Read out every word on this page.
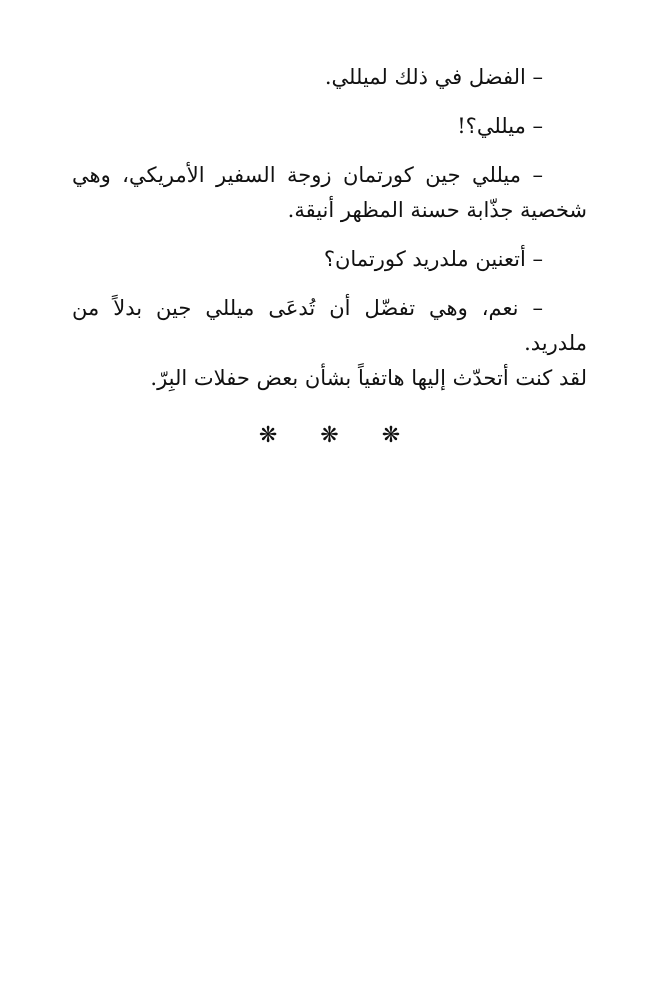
– الفضل في ذلك لميللي.

– ميللي؟!

– ميللي جين كورتمان زوجة السفير الأمريكي، وهي
شخصية جذّابة حسنة المظهر أنيقة.

– أتعنين ملدريد كورتمان؟

– نعم، وهي تفضّل أن تُدعَى ميللي جين بدلاً من ملدريد.
لقد كنت أتحدّث إليها هاتفياً بشأن بعض حفلات البِرّ.

❋ ❋ ❋
